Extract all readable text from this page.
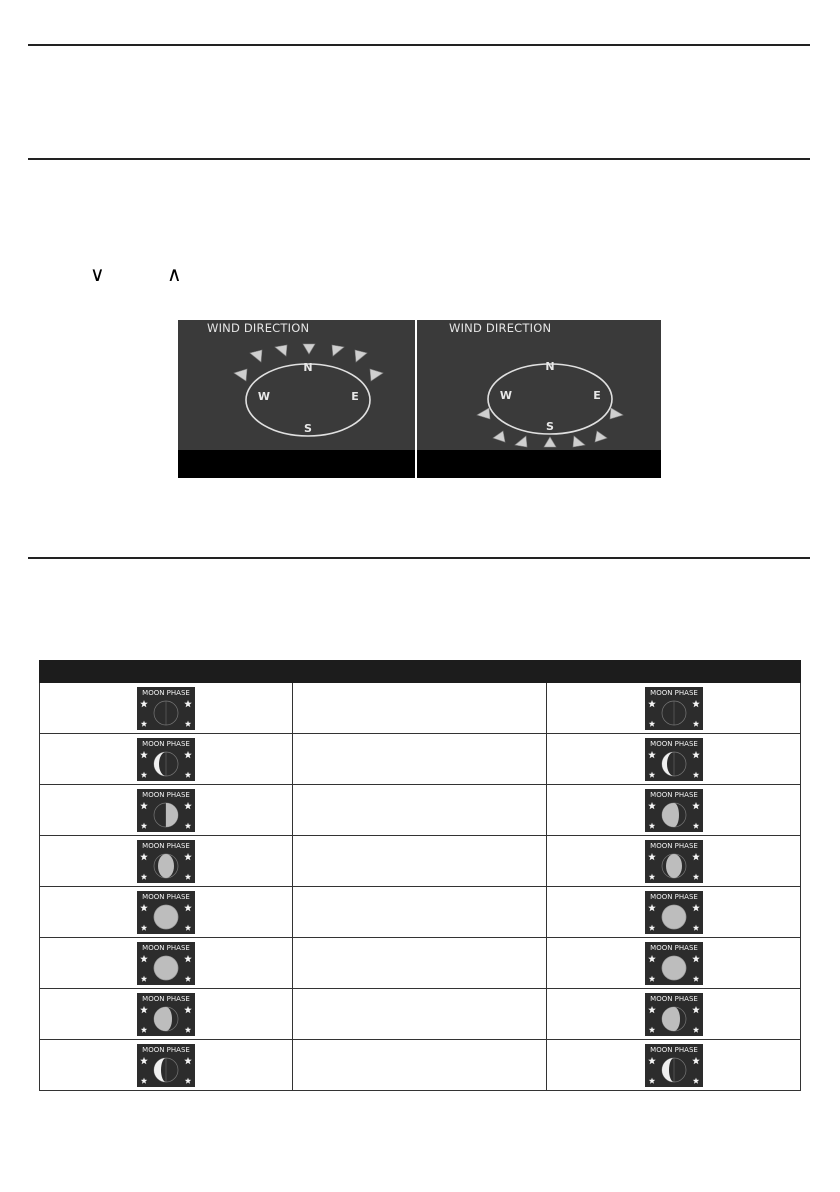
∨	∧
WIND DIRECTION
N
S
W	E
WIND DIRECTION
N
S
W	E

MOON PHASE		MOON PHASE

MOON PHASE		MOON PHASE

MOON PHASE		MOON PHASE

MOON PHASE		MOON PHASE

MOON PHASE		MOON PHASE

MOON PHASE		MOON PHASE

MOON PHASE		MOON PHASE

MOON PHASE		MOON PHASE
